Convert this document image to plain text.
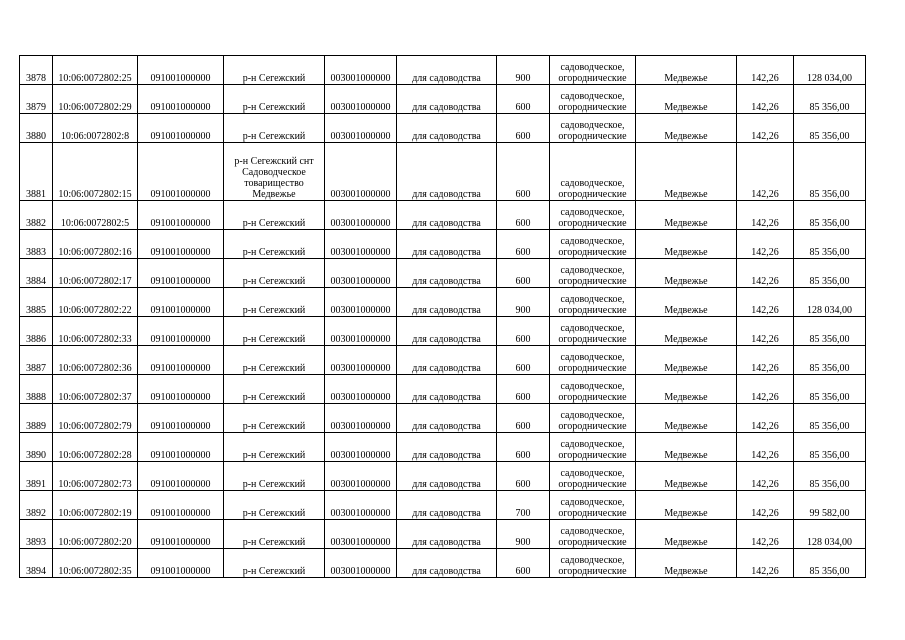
3878	10:06:0072802:25	091001000000	р-н Сегежский	003001000000	для садоводства	900	садоводческое,
огороднические	Медвежье	142,26	128 034,00
3879	10:06:0072802:29	091001000000	р-н Сегежский	003001000000	для садоводства	600	садоводческое,
огороднические	Медвежье	142,26	85 356,00
3880	10:06:0072802:8	091001000000	р-н Сегежский	003001000000	для садоводства	600	садоводческое,
огороднические	Медвежье	142,26	85 356,00
3881	10:06:0072802:15	091001000000	р-н Сегежский снт
Садоводческое
товарищество
Медвежье	003001000000	для садоводства	600	садоводческое,
огороднические	Медвежье	142,26	85 356,00
3882	10:06:0072802:5	091001000000	р-н Сегежский	003001000000	для садоводства	600	садоводческое,
огороднические	Медвежье	142,26	85 356,00
3883	10:06:0072802:16	091001000000	р-н Сегежский	003001000000	для садоводства	600	садоводческое,
огороднические	Медвежье	142,26	85 356,00
3884	10:06:0072802:17	091001000000	р-н Сегежский	003001000000	для садоводства	600	садоводческое,
огороднические	Медвежье	142,26	85 356,00
3885	10:06:0072802:22	091001000000	р-н Сегежский	003001000000	для садоводства	900	садоводческое,
огороднические	Медвежье	142,26	128 034,00
3886	10:06:0072802:33	091001000000	р-н Сегежский	003001000000	для садоводства	600	садоводческое,
огороднические	Медвежье	142,26	85 356,00
3887	10:06:0072802:36	091001000000	р-н Сегежский	003001000000	для садоводства	600	садоводческое,
огороднические	Медвежье	142,26	85 356,00
3888	10:06:0072802:37	091001000000	р-н Сегежский	003001000000	для садоводства	600	садоводческое,
огороднические	Медвежье	142,26	85 356,00
3889	10:06:0072802:79	091001000000	р-н Сегежский	003001000000	для садоводства	600	садоводческое,
огороднические	Медвежье	142,26	85 356,00
3890	10:06:0072802:28	091001000000	р-н Сегежский	003001000000	для садоводства	600	садоводческое,
огороднические	Медвежье	142,26	85 356,00
3891	10:06:0072802:73	091001000000	р-н Сегежский	003001000000	для садоводства	600	садоводческое,
огороднические	Медвежье	142,26	85 356,00
3892	10:06:0072802:19	091001000000	р-н Сегежский	003001000000	для садоводства	700	садоводческое,
огороднические	Медвежье	142,26	99 582,00
3893	10:06:0072802:20	091001000000	р-н Сегежский	003001000000	для садоводства	900	садоводческое,
огороднические	Медвежье	142,26	128 034,00
3894	10:06:0072802:35	091001000000	р-н Сегежский	003001000000	для садоводства	600	садоводческое,
огороднические	Медвежье	142,26	85 356,00
